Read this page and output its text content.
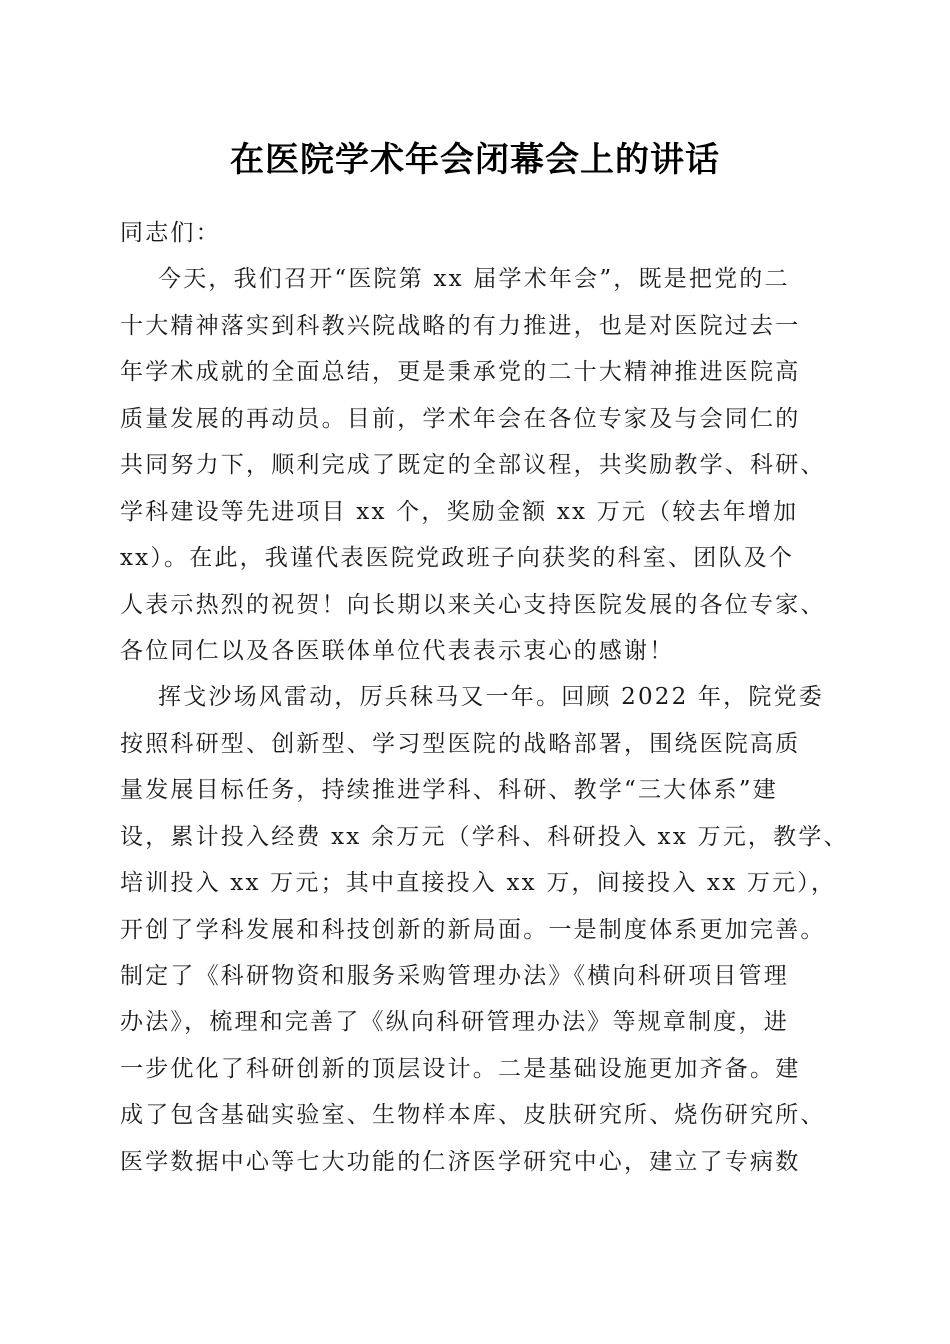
在医院学术年会闭幕会上的讲话
同志们：
今天，我们召开“医院第 xx 届学术年会”，既是把党的二
十大精神落实到科教兴院战略的有力推进，也是对医院过去一
年学术成就的全面总结，更是秉承党的二十大精神推进医院高
质量发展的再动员。目前，学术年会在各位专家及与会同仁的
共同努力下，顺利完成了既定的全部议程，共奖励教学、科研、
学科建设等先进项目 xx 个，奖励金额 xx 万元（较去年增加
xx）。在此，我谨代表医院党政班子向获奖的科室、团队及个
人表示热烈的祝贺！向长期以来关心支持医院发展的各位专家、
各位同仁以及各医联体单位代表表示衷心的感谢！
挥戈沙场风雷动，厉兵秣马又一年。回顾 2022 年，院党委
按照科研型、创新型、学习型医院的战略部署，围绕医院高质
量发展目标任务，持续推进学科、科研、教学“三大体系”建
设，累计投入经费 xx 余万元（学科、科研投入 xx 万元，教学、
培训投入 xx 万元；其中直接投入 xx 万，间接投入 xx 万元），
开创了学科发展和科技创新的新局面。一是制度体系更加完善。
制定了《科研物资和服务采购管理办法》《横向科研项目管理
办法》，梳理和完善了《纵向科研管理办法》等规章制度，进
一步优化了科研创新的顶层设计。二是基础设施更加齐备。建
成了包含基础实验室、生物样本库、皮肤研究所、烧伤研究所、
医学数据中心等七大功能的仁济医学研究中心，建立了专病数
